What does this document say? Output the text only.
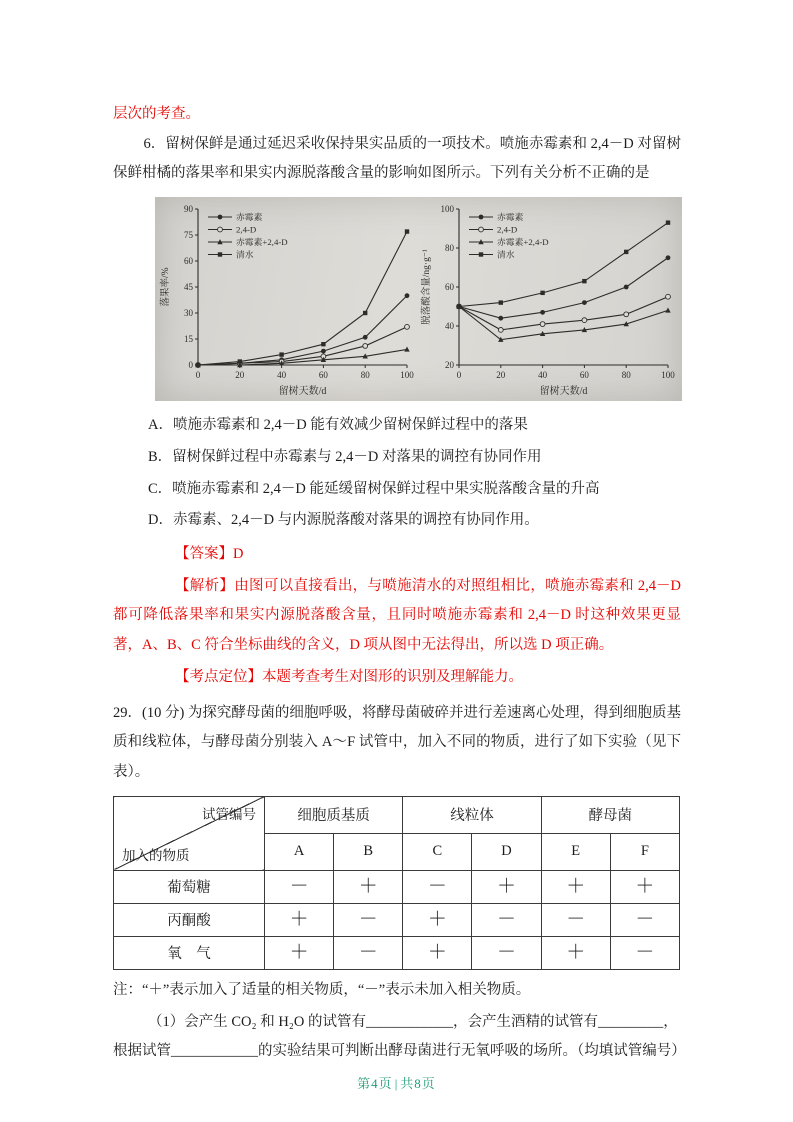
层次的考查。

6．留树保鲜是通过延迟采收保持果实品质的一项技术。喷施赤霉素和 2,4－D 对留树保鲜柑橘的落果率和果实内源脱落酸含量的影响如图所示。下列有关分析不正确的是

0
15
30
45
60
75
90
0	20	40	60	80	100
留树天数/d
落果率/%
赤霉素
2,4-D
赤霉素+2,4-D
清水
20
40
60
80
100
0	20	40	60	80	100
留树天数/d
脱落酸含量/ng·g⁻¹
赤霉素
2,4-D
赤霉素+2,4-D
清水

A．喷施赤霉素和 2,4－D 能有效减少留树保鲜过程中的落果

B．留树保鲜过程中赤霉素与 2,4－D 对落果的调控有协同作用

C．喷施赤霉素和 2,4－D 能延缓留树保鲜过程中果实脱落酸含量的升高

D．赤霉素、2,4－D 与内源脱落酸对落果的调控有协同作用。

【答案】D

【解析】由图可以直接看出，与喷施清水的对照组相比，喷施赤霉素和 2,4－D 都可降低落果率和果实内源脱落酸含量，且同时喷施赤霉素和 2,4－D 时这种效果更显著，A、B、C 符合坐标曲线的含义，D 项从图中无法得出，所以选 D 项正确。

【考点定位】本题考查考生对图形的识别及理解能力。

29．(10 分) 为探究酵母菌的细胞呼吸，将酵母菌破碎并进行差速离心处理，得到细胞质基质和线粒体，与酵母菌分别装入 A～F 试管中，加入不同的物质，进行了如下实验（见下表）。

试管编号
加入的物质	细胞质基质		线粒体		酵母菌	
	A	B	C	D	E	F
葡萄糖	－	＋	－	＋	＋	＋
丙酮酸	＋	－	＋	－	－	－
氧　气	＋	－	＋	－	＋	－

注：“＋”表示加入了适量的相关物质，“－”表示未加入相关物质。

（1）会产生 CO₂ 和 H₂O 的试管有____________，会产生酒精的试管有_________，

根据试管____________的实验结果可判断出酵母菌进行无氧呼吸的场所。（均填试管编号）

第4页 | 共8页
